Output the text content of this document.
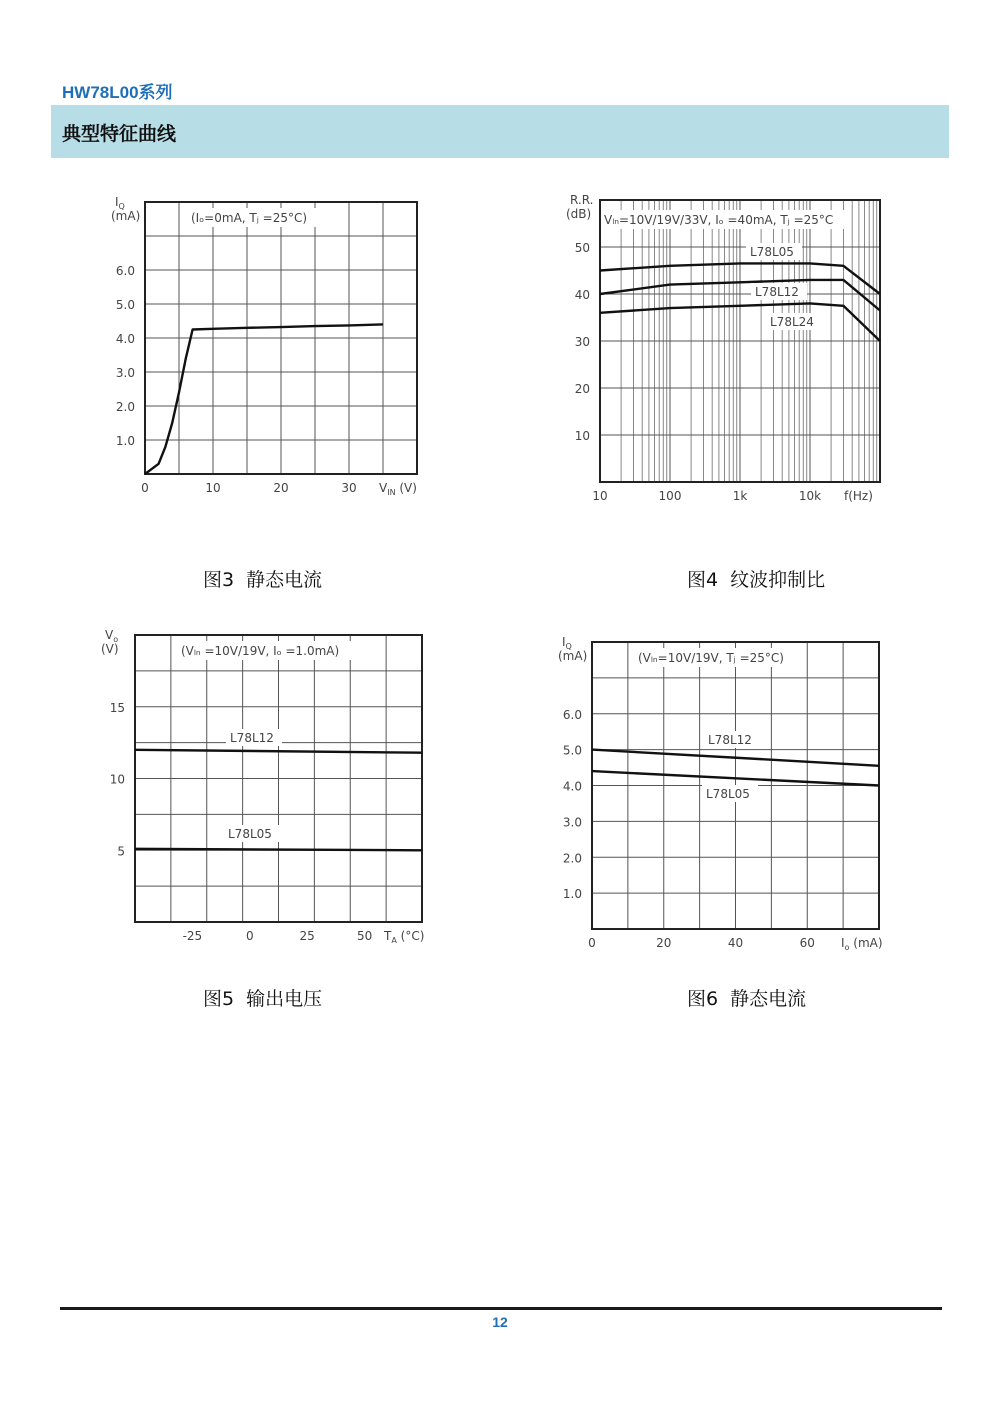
HW78L00系列
典型特征曲线
(Iₒ=0mA, Tⱼ =25°C)
0	10	20	30
1.0
2.0
3.0
4.0
5.0
6.0
$I_Q$
(mA)
$V_{IN}$ (V)
Vₗₙ=10V/19V/33V, Iₒ =40mA, Tⱼ =25°C
L78L05
L78L12
L78L24
10	100	1k	10k
10
20
30
40
50
R.R.
(dB)
f(Hz)
(Vₗₙ =10V/19V, Iₒ =1.0mA)
L78L12
L78L05
-25	0	25	50
5
10
15
$V_o$
(V)
$T_A$ (°C)
(Vₗₙ=10V/19V, Tⱼ =25°C)
L78L12
L78L05
0	20	40	60
1.0
2.0
3.0
4.0
5.0
6.0
$I_Q$
(mA)
$I_o$ (mA)
图3  静态电流	图4  纹波抑制比
图5  输出电压	图6  静态电流
12
